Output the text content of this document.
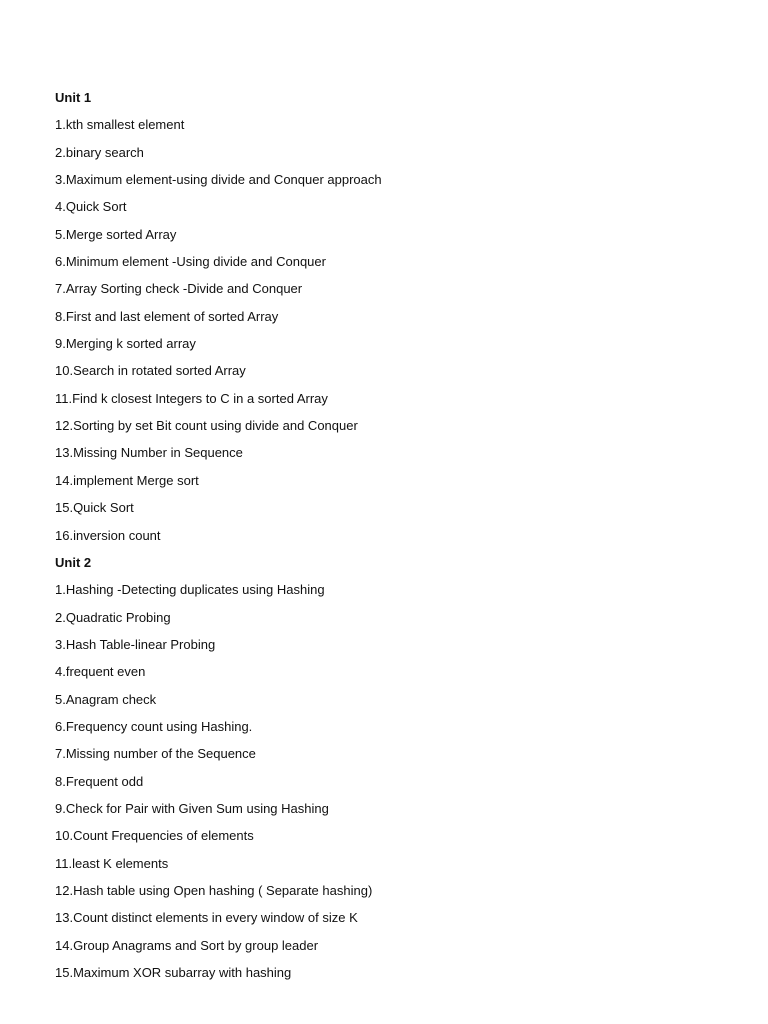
Unit 1
1.kth smallest element
2.binary search
3.Maximum element-using divide and Conquer approach
4.Quick Sort
5.Merge sorted Array
6.Minimum element -Using divide and Conquer
7.Array Sorting check -Divide and Conquer
8.First and last element of sorted Array
9.Merging k sorted array
10.Search in rotated sorted Array
11.Find k closest Integers to C in a sorted Array
12.Sorting by set Bit count using divide and Conquer
13.Missing Number in Sequence
14.implement Merge sort
15.Quick Sort
16.inversion count
Unit 2
1.Hashing -Detecting duplicates using Hashing
2.Quadratic Probing
3.Hash Table-linear Probing
4.frequent even
5.Anagram check
6.Frequency count using Hashing.
7.Missing number of the Sequence
8.Frequent odd
9.Check for Pair with Given Sum using Hashing
10.Count Frequencies of elements
11.least K elements
12.Hash table using Open hashing ( Separate hashing)
13.Count distinct elements in every window of size K
14.Group Anagrams and Sort by group leader
15.Maximum XOR subarray with hashing
